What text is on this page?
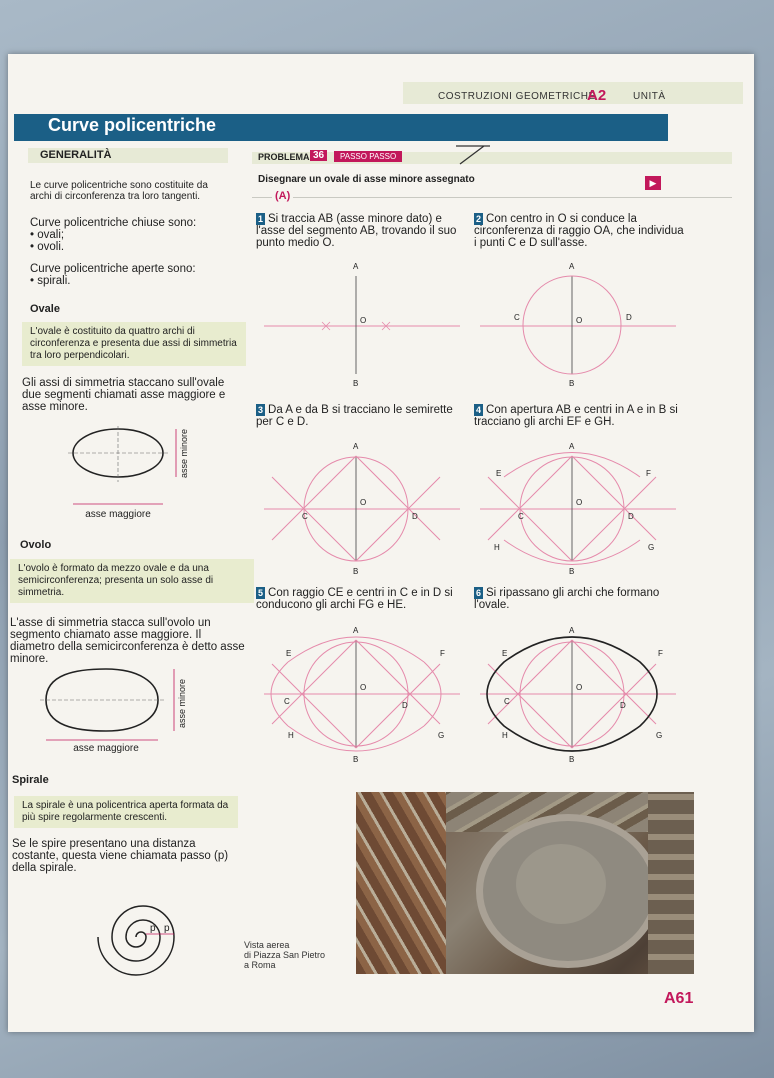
COSTRUZIONI GEOMETRICHE
A2	UNITÀ
Curve policentriche
GENERALITÀ
Le curve policentriche sono costituite da archi di circonferenza tra loro tangenti.
Curve policentriche chiuse sono:
• ovali;
• ovoli.
Curve policentriche aperte sono:
• spirali.
Ovale
L'ovale è costituito da quattro archi di circonferenza e presenta due assi di simmetria tra loro perpendicolari.
Gli assi di simmetria staccano sull'ovale due segmenti chiamati asse maggiore e asse minore.
asse maggiore
asse minore
Ovolo
L'ovolo è formato da mezzo ovale e da una semicirconferenza; presenta un solo asse di simmetria.
L'asse di simmetria stacca sull'ovolo un segmento chiamato asse maggiore. Il diametro della semicirconferenza è detto asse minore.
asse maggiore
asse minore
Spirale
La spirale è una policentrica aperta formata da più spire regolarmente crescenti.
Se le spire presentano una distanza costante, questa viene chiamata passo (p) della spirale.
p p
PROBLEMA 36	PASSO PASSO
Disegnare un ovale di asse minore assegnato	▶
(A)
1 Si traccia AB (asse minore dato) e l'asse del segmento AB, trovando il suo punto medio O.
2 Con centro in O si conduce la circonferenza di raggio OA, che individua i punti C e D sull'asse.
3 Da A e da B si tracciano le semirette per C e D.
4 Con apertura AB e centri in A e in B si tracciano gli archi EF e GH.
5 Con raggio CE e centri in C e in D si conducono gli archi FG e HE.
6 Si ripassano gli archi che formano l'ovale.
A
O
B
A
O
B
C	D
A
O
B
C	D
A
O
B
C	D
E	F
G
H
A
O
B
C	D
E	F
G
H
A
O
B
C	D
E	F
G
H
Vista aerea
di Piazza San Pietro
a Roma
A61
